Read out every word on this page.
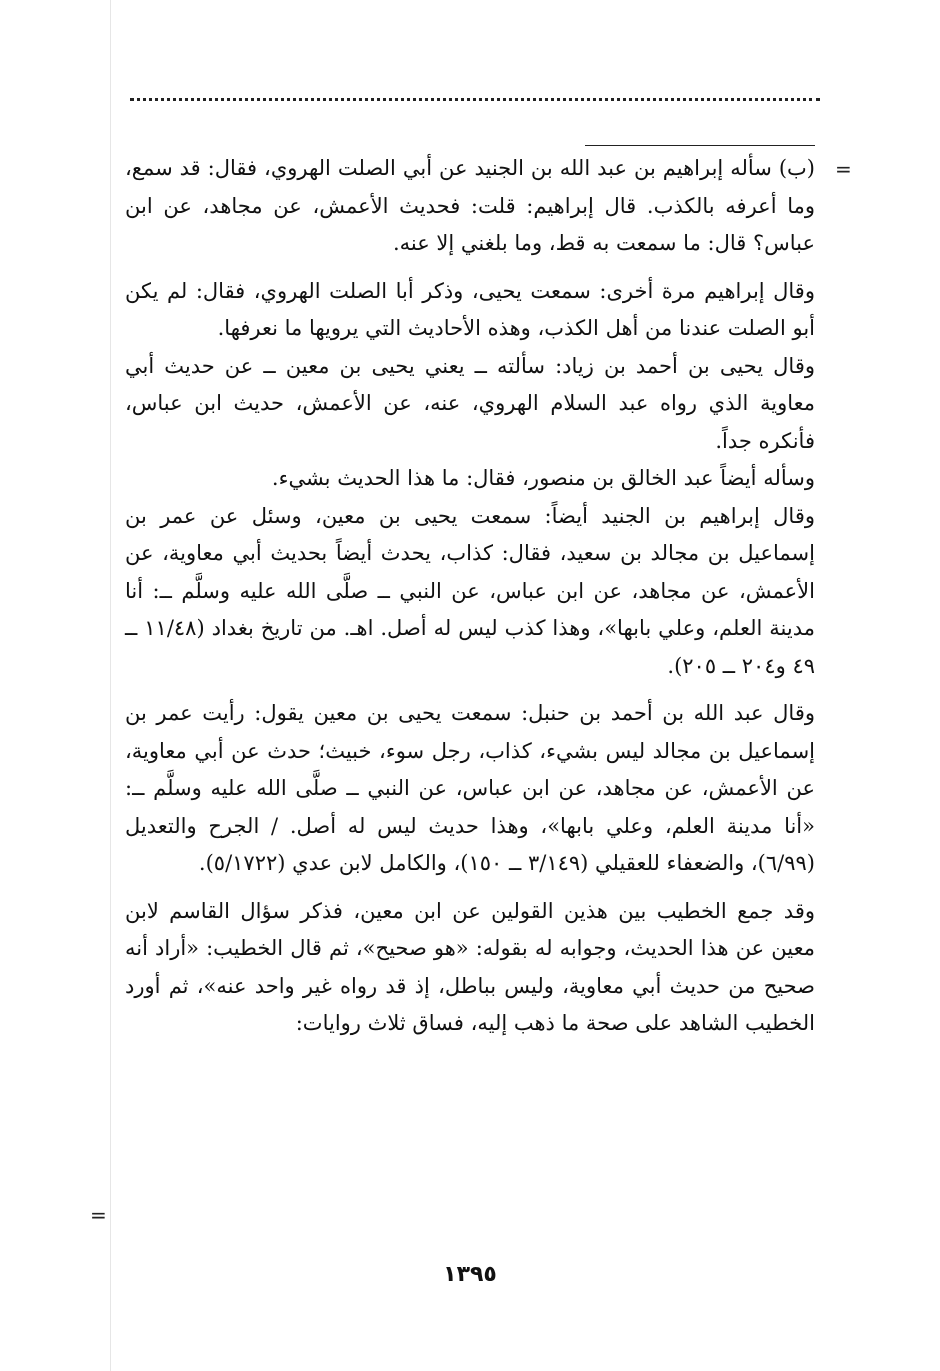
=
=

(ب) سأله إبراهيم بن عبد الله بن الجنيد عن أبي الصلت الهروي، فقال: قد سمع، وما أعرفه بالكذب. قال إبراهيم: قلت: فحديث الأعمش، عن مجاهد، عن ابن عباس؟ قال: ما سمعت به قط، وما بلغني إلا عنه.

وقال إبراهيم مرة أخرى: سمعت يحيى، وذكر أبا الصلت الهروي، فقال: لم يكن أبو الصلت عندنا من أهل الكذب، وهذه الأحاديث التي يرويها ما نعرفها.

وقال يحيى بن أحمد بن زياد: سألته ــ يعني يحيى بن معين ــ عن حديث أبي معاوية الذي رواه عبد السلام الهروي، عنه، عن الأعمش، حديث ابن عباس، فأنكره جداً.

وسأله أيضاً عبد الخالق بن منصور، فقال: ما هذا الحديث بشيء.

وقال إبراهيم بن الجنيد أيضاً: سمعت يحيى بن معين، وسئل عن عمر بن إسماعيل بن مجالد بن سعيد، فقال: كذاب، يحدث أيضاً بحديث أبي معاوية، عن الأعمش، عن مجاهد، عن ابن عباس، عن النبي ــ صلَّى الله عليه وسلَّم ــ: أنا مدينة العلم، وعلي بابها»، وهذا كذب ليس له أصل. اهـ. من تاريخ بغداد (١١/٤٨ ــ ٤٩ و٢٠٤ ــ ٢٠٥).

وقال عبد الله بن أحمد بن حنبل: سمعت يحيى بن معين يقول: رأيت عمر بن إسماعيل بن مجالد ليس بشيء، كذاب، رجل سوء، خبيث؛ حدث عن أبي معاوية، عن الأعمش، عن مجاهد، عن ابن عباس، عن النبي ــ صلَّى الله عليه وسلَّم ــ: «أنا مدينة العلم، وعلي بابها»، وهذا حديث ليس له أصل. / الجرح والتعديل (٦/٩٩)، والضعفاء للعقيلي (٣/١٤٩ ــ ١٥٠)، والكامل لابن عدي (٥/١٧٢٢).

وقد جمع الخطيب بين هذين القولين عن ابن معين، فذكر سؤال القاسم لابن معين عن هذا الحديث، وجوابه له بقوله: «هو صحيح»، ثم قال الخطيب: «أراد أنه صحيح من حديث أبي معاوية، وليس بباطل، إذ قد رواه غير واحد عنه»، ثم أورد الخطيب الشاهد على صحة ما ذهب إليه، فساق ثلاث روايات:

١٣٩٥
